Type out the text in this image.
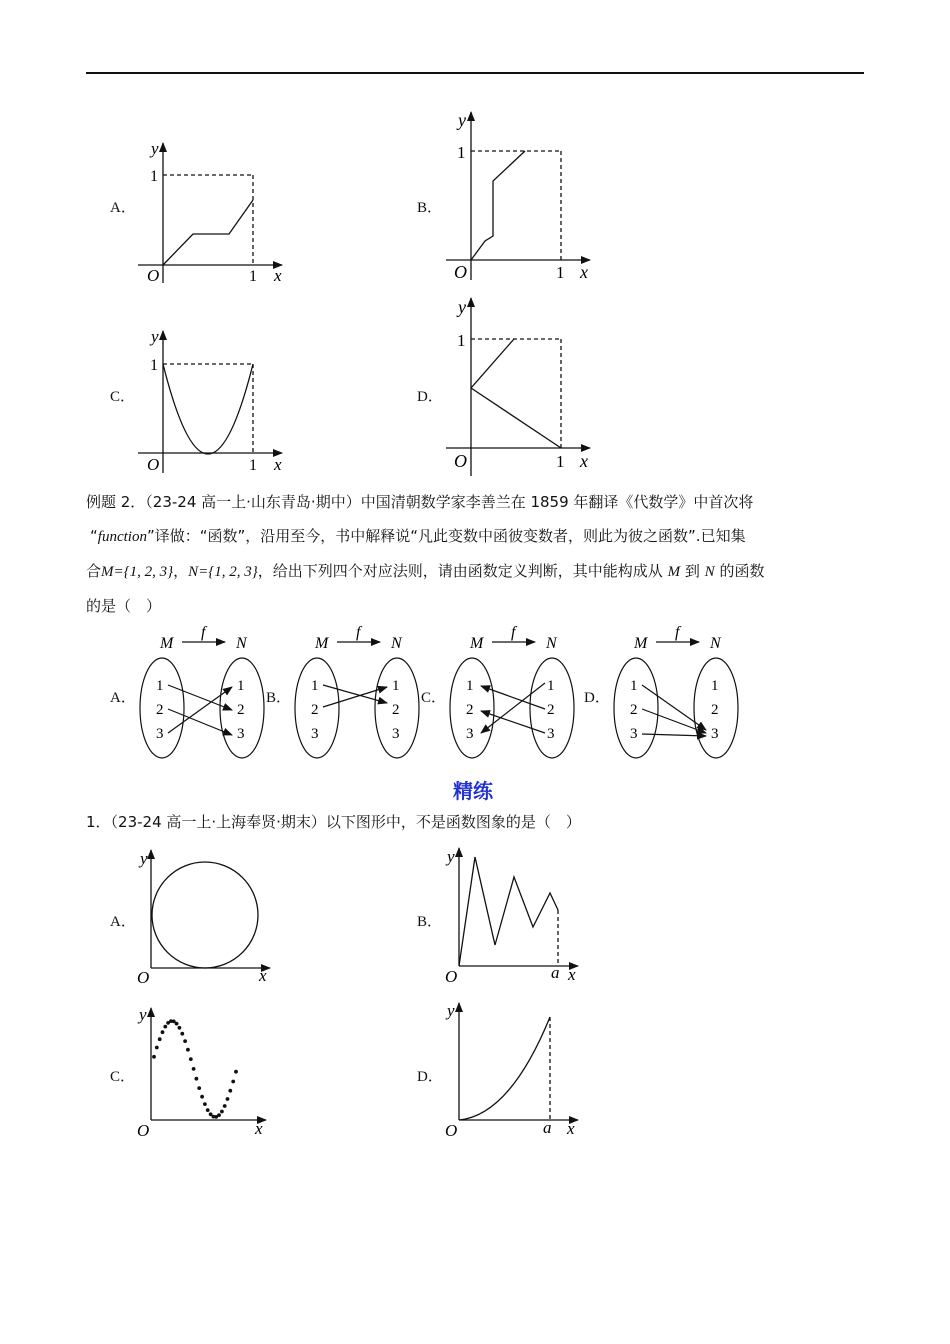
1
1
O	x
y	1
1
O	x
y
1
1
O	x
y	1
1
O	x
y
M
f
N
1
2
3
1
2
3
M
f
N
1
2
3
1
2
3
M
f
N
1
2
3
1
2
3
M
f
N
1
2
3
1
2
3
O	x
y
O	a x
y
O	x
y
O	a x
y
A．	B．
C．	D．
例题 2．（23-24 高一上·山东青岛·期中）中国清朝数学家李善兰在 1859 年翻译《代数学》中首次将
“function”译做：“函数”，沿用至今，书中解释说“凡此变数中函彼变数者，则此为彼之函数”.已知集
合M={1, 2, 3}，N={1, 2, 3}，给出下列四个对应法则，请由函数定义判断，其中能构成从 M 到 N 的函数
的是（　）
A．	B．	C．	D．
精练
1．（23-24 高一上·上海奉贤·期末）以下图形中，不是函数图象的是（　）
A．	B．
C．	D．
